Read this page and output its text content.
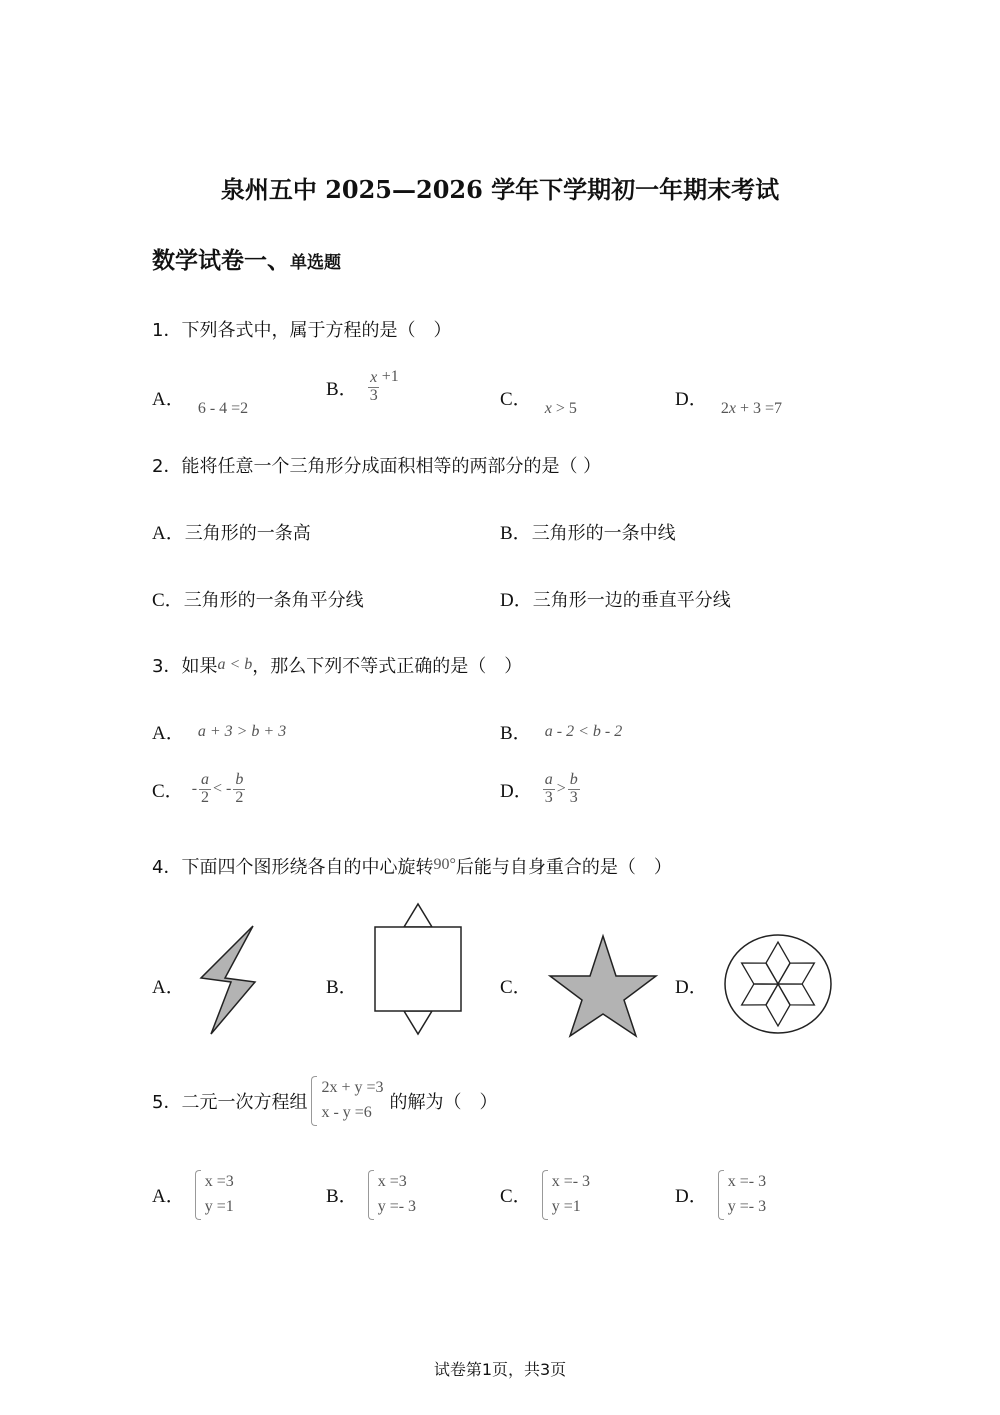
泉州五中 2025—2026 学年下学期初一年期末考试
数学试卷一、单选题
1．下列各式中，属于方程的是（　）
A． 6 - 4 =2
B． $\frac{x}{3} +1$
C． x > 5	D． 2x + 3 =7
2．能将任意一个三角形分成面积相等的两部分的是（ ）
A．三角形的一条高	B．三角形的一条中线
C．三角形的一条角平分线	D．三角形一边的垂直平分线
3．如果a < b，那么下列不等式正确的是（　）
A． a + 3 > b + 3	B． a - 2 < b - 2
C． - $\frac{a}{2}$ < - $\frac{b}{2}$	D． $\frac{a}{3} > \frac{b}{3}$
4．下面四个图形绕各自的中心旋转90°后能与自身重合的是（　）
A．	B．	C．	D．
5．二元一次方程组
2x + y =3
x - y =6 的解为（　）
A．
x =3
y =1	B．
x =3
y =- 3	C．
x =- 3
y =1	D．
x =- 3
y =- 3
试卷第1页，共3页
